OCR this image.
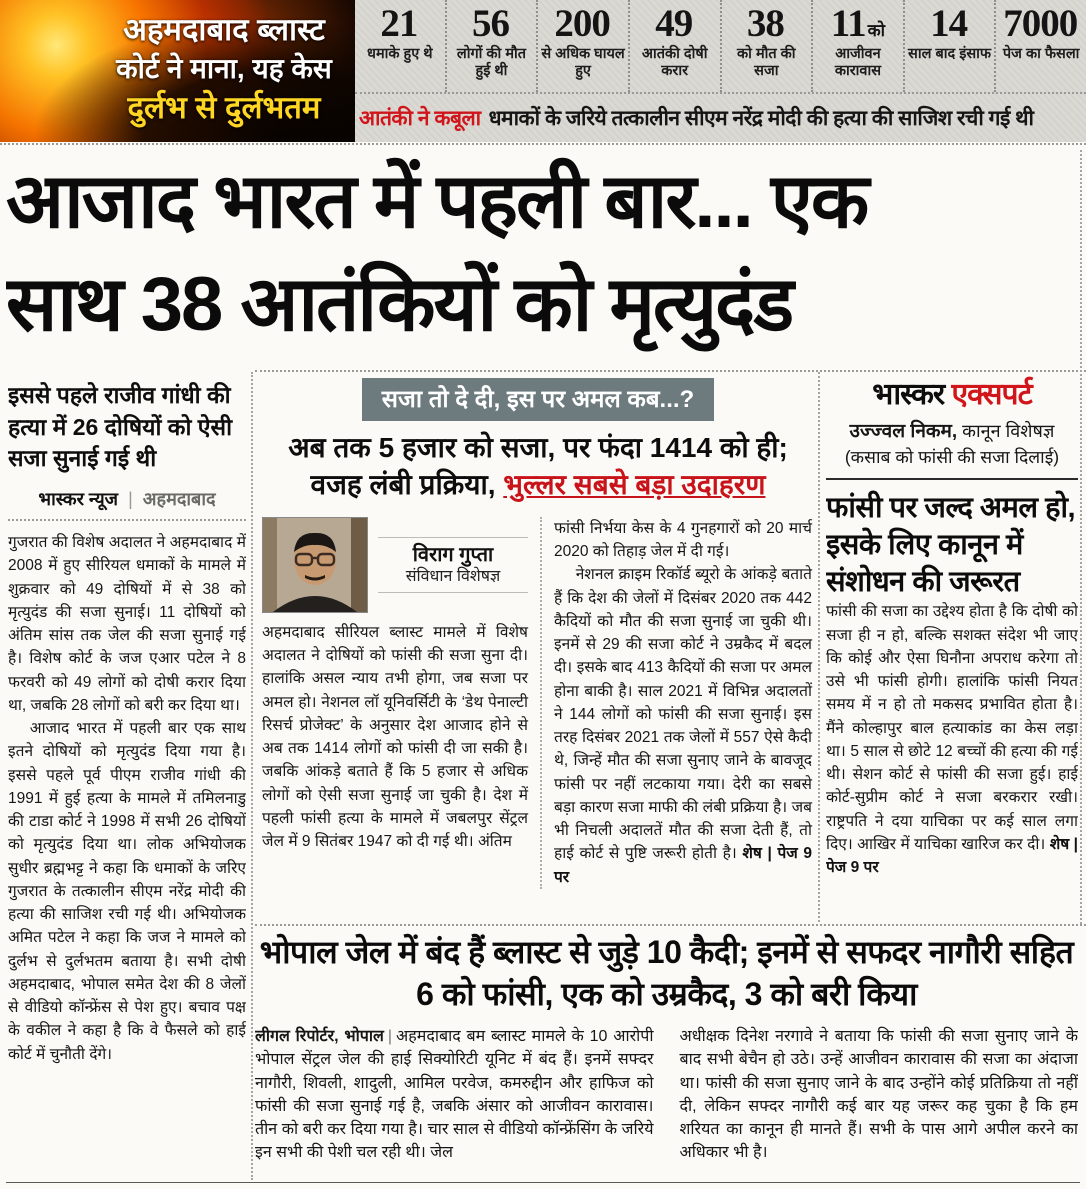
अहमदाबाद ब्लास्ट
कोर्ट ने माना, यह केस
दुर्लभ से दुर्लभतम
21
धमाके हुए थे
56
लोगों की मौत हुई थी
200
से अधिक घायल हुए
49
आतंकी दोषी करार
38
को मौत की सजा
11 को
आजीवन कारावास
14
साल बाद इंसाफ
7000
पेज का फैसला
आतंकी ने कबूला धमाकों के जरिये तत्कालीन सीएम नरेंद्र मोदी की हत्या की साजिश रची गई थी
आजाद भारत में पहली बार... एक
साथ 38 आतंकियों को मृत्युदंड
इससे पहले राजीव गांधी की हत्या में 26 दोषियों को ऐसी सजा सुनाई गई थी
भास्कर न्यूज | अहमदाबाद

गुजरात की विशेष अदालत ने अहमदाबाद में 2008 में हुए सीरियल धमाकों के मामले में शुक्रवार को 49 दोषियों में से 38 को मृत्युदंड की सजा सुनाई। 11 दोषियों को अंतिम सांस तक जेल की सजा सुनाई गई है। विशेष कोर्ट के जज एआर पटेल ने 8 फरवरी को 49 लोगों को दोषी करार दिया था, जबकि 28 लोगों को बरी कर दिया था।

आजाद भारत में पहली बार एक साथ इतने दोषियों को मृत्युदंड दिया गया है। इससे पहले पूर्व पीएम राजीव गांधी की 1991 में हुई हत्या के मामले में तमिलनाडु की टाडा कोर्ट ने 1998 में सभी 26 दोषियों को मृत्युदंड दिया था। लोक अभियोजक सुधीर ब्रह्मभट्ट ने कहा कि धमाकों के जरिए गुजरात के तत्कालीन सीएम नरेंद्र मोदी की हत्या की साजिश रची गई थी। अभियोजक अमित पटेल ने कहा कि जज ने मामले को दुर्लभ से दुर्लभतम बताया है। सभी दोषी अहमदाबाद, भोपाल समेत देश की 8 जेलों से वीडियो कॉन्फ्रेंस से पेश हुए। बचाव पक्ष के वकील ने कहा है कि वे फैसले को हाई कोर्ट में चुनौती देंगे।

सजा तो दे दी, इस पर अमल कब...?
अब तक 5 हजार को सजा, पर फंदा 1414 को ही;
वजह लंबी प्रक्रिया, भुल्लर सबसे बड़ा उदाहरण
विराग गुप्ता
संविधान विशेषज्ञ

अहमदाबाद सीरियल ब्लास्ट मामले में विशेष अदालत ने दोषियों को फांसी की सजा सुना दी। हालांकि असल न्याय तभी होगा, जब सजा पर अमल हो। नेशनल लॉ यूनिवर्सिटी के ‘डेथ पेनाल्टी रिसर्च प्रोजेक्ट’ के अनुसार देश आजाद होने से अब तक 1414 लोगों को फांसी दी जा सकी है। जबकि आंकड़े बताते हैं कि 5 हजार से अधिक लोगों को ऐसी सजा सुनाई जा चुकी है। देश में पहली फांसी हत्या के मामले में जबलपुर सेंट्रल जेल में 9 सितंबर 1947 को दी गई थी। अंतिम

फांसी निर्भया केस के 4 गुनहगारों को 20 मार्च 2020 को तिहाड़ जेल में दी गई।

नेशनल क्राइम रिकॉर्ड ब्यूरो के आंकड़े बताते हैं कि देश की जेलों में दिसंबर 2020 तक 442 कैदियों को मौत की सजा सुनाई जा चुकी थी। इनमें से 29 की सजा कोर्ट ने उम्रकैद में बदल दी। इसके बाद 413 कैदियों की सजा पर अमल होना बाकी है। साल 2021 में विभिन्न अदालतों ने 144 लोगों को फांसी की सजा सुनाई। इस तरह दिसंबर 2021 तक जेलों में 557 ऐसे कैदी थे, जिन्हें मौत की सजा सुनाए जाने के बावजूद फांसी पर नहीं लटकाया गया। देरी का सबसे बड़ा कारण सजा माफी की लंबी प्रक्रिया है। जब भी निचली अदालतें मौत की सजा देती हैं, तो हाई कोर्ट से पुष्टि जरूरी होती है। शेष | पेज 9 पर

भास्कर एक्सपर्ट
उज्ज्वल निकम, कानून विशेषज्ञ
(कसाब को फांसी की सजा दिलाई)
फांसी पर जल्द अमल हो, इसके लिए कानून में संशोधन की जरूरत

फांसी की सजा का उद्देश्य होता है कि दोषी को सजा ही न हो, बल्कि सशक्त संदेश भी जाए कि कोई और ऐसा घिनौना अपराध करेगा तो उसे भी फांसी होगी। हालांकि फांसी नियत समय में न हो तो मकसद प्रभावित होता है। मैंने कोल्हापुर बाल हत्याकांड का केस लड़ा था। 5 साल से छोटे 12 बच्चों की हत्या की गई थी। सेशन कोर्ट से फांसी की सजा हुई। हाई कोर्ट-सुप्रीम कोर्ट ने सजा बरकरार रखी। राष्ट्रपति ने दया याचिका पर कई साल लगा दिए। आखिर में याचिका खारिज कर दी। शेष | पेज 9 पर

भोपाल जेल में बंद हैं ब्लास्ट से जुड़े 10 कैदी; इनमें से सफदर नागौरी सहित 6 को फांसी, एक को उम्रकैद, 3 को बरी किया

लीगल रिपोर्टर, भोपाल | अहमदाबाद बम ब्लास्ट मामले के 10 आरोपी भोपाल सेंट्रल जेल की हाई सिक्योरिटी यूनिट में बंद हैं। इनमें सफ्दर नागौरी, शिवली, शादुली, आमिल परवेज, कमरुद्दीन और हाफिज को फांसी की सजा सुनाई गई है, जबकि अंसार को आजीवन कारावास। तीन को बरी कर दिया गया है। चार साल से वीडियो कॉन्फ्रेंसिंग के जरिये इन सभी की पेशी चल रही थी। जेल

अधीक्षक दिनेश नरगावे ने बताया कि फांसी की सजा सुनाए जाने के बाद सभी बेचैन हो उठे। उन्हें आजीवन कारावास की सजा का अंदाजा था। फांसी की सजा सुनाए जाने के बाद उन्होंने कोई प्रतिक्रिया तो नहीं दी, लेकिन सफ्दर नागौरी कई बार यह जरूर कह चुका है कि हम शरियत का कानून ही मानते हैं। सभी के पास आगे अपील करने का अधिकार भी है।
